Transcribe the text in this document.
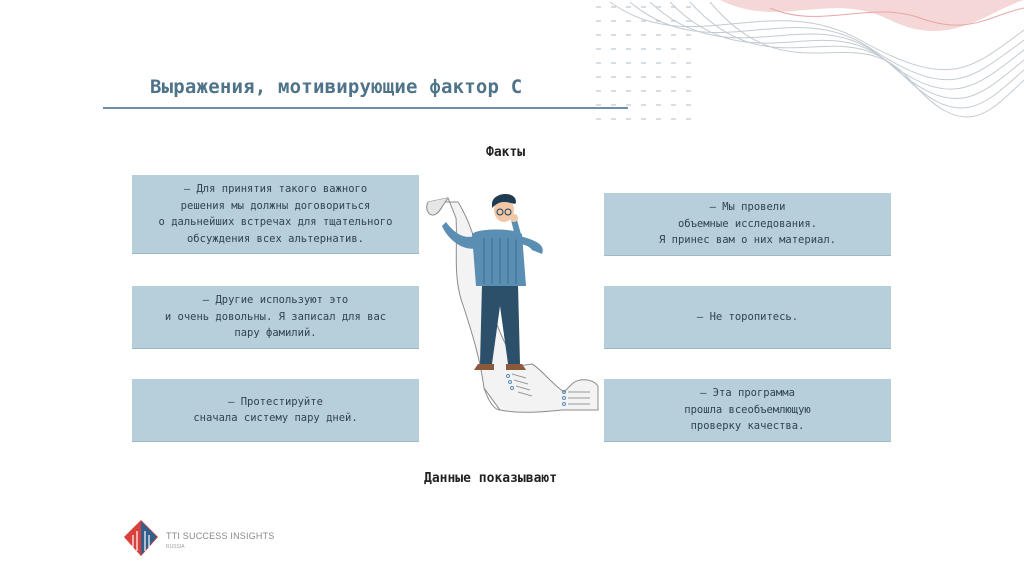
Выражения, мотивирующие фактор С
Факты
— Для принятия такого важного
решения мы должны договориться
о дальнейших встречах для тщательного
обсуждения всех альтернатив.
— Другие используют это
и очень довольны. Я записал для вас
пару фамилий.
— Протестируйте
сначала систему пару дней.
— Мы провели
объемные исследования.
Я принес вам о них материал.
— Не торопитесь.
— Эта программа
прошла всеобъемлющую
проверку качества.
Данные показывают
TTI SUCCESS INSIGHTS
RUSSIA
